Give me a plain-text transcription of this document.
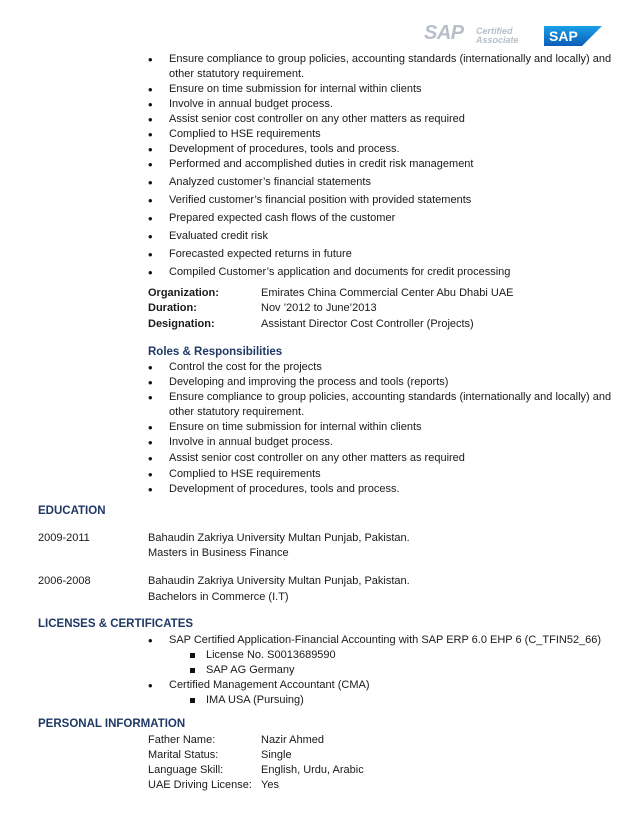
SAP Certified
Associate SAP
• Ensure compliance to group policies, accounting standards (internationally and locally) and
other statutory requirement.
• Ensure on time submission for internal within clients
• Involve in annual budget process.
• Assist senior cost controller on any other matters as required
• Complied to HSE requirements
• Development of procedures, tools and process.
• Performed and accomplished duties in credit risk management
• Analyzed customer’s financial statements
• Verified customer’s financial position with provided statements
• Prepared expected cash flows of the customer
• Evaluated credit risk
• Forecasted expected returns in future
• Compiled Customer’s application and documents for credit processing
Organization:	Emirates China Commercial Center Abu Dhabi UAE
Duration:	Nov ’2012 to June’2013
Designation:	Assistant Director Cost Controller (Projects)
Roles & Responsibilities
• Control the cost for the projects
• Developing and improving the process and tools (reports)
• Ensure compliance to group policies, accounting standards (internationally and locally) and
other statutory requirement.
• Ensure on time submission for internal within clients
• Involve in annual budget process.
• Assist senior cost controller on any other matters as required
• Complied to HSE requirements
• Development of procedures, tools and process.
EDUCATION
2009-2011	Bahaudin Zakriya University Multan Punjab, Pakistan.
Masters in Business Finance
2006-2008	Bahaudin Zakriya University Multan Punjab, Pakistan.
Bachelors in Commerce (I.T)
LICENSES & CERTIFICATES
• SAP Certified Application-Financial Accounting with SAP ERP 6.0 EHP 6 (C_TFIN52_66)
License No. S0013689590
SAP AG Germany
• Certified Management Accountant (CMA)
IMA USA (Pursuing)
PERSONAL INFORMATION
Father Name:	Nazir Ahmed
Marital Status:	Single
Language Skill:	English, Urdu, Arabic
UAE Driving License: Yes
